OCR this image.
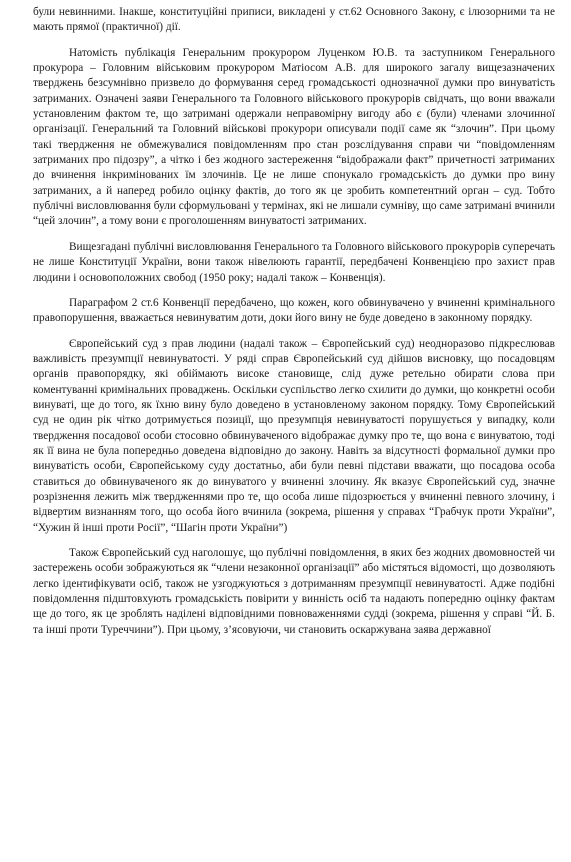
були невинними. Інакше, конституційні приписи, викладені у ст.62 Основного Закону, є ілюзорними та не мають прямої (практичної) дії.

Натомість публікація Генеральним прокурором Луценком Ю.В. та заступником Генерального прокурора – Головним військовим прокурором Матіосом А.В. для широкого загалу вищезазначених тверджень безсумнівно призвело до формування серед громадськості однозначної думки про винуватість затриманих. Означені заяви Генерального та Головного військового прокурорів свідчать, що вони вважали установленим фактом те, що затримані одержали неправомірну вигоду або є (були) членами злочинної організації. Генеральний та Головний військові прокурори описували події саме як “злочин”. При цьому такі твердження не обмежувалися повідомленням про стан розслідування справи чи “повідомленням затриманих про підозру”, а чітко і без жодного застереження “відображали факт” причетності затриманих до вчинення інкримінованих їм злочинів. Це не лише спонукало громадськість до думки про вину затриманих, а й наперед робило оцінку фактів, до того як це зробить компетентний орган – суд. Тобто публічні висловлювання були сформульовані у термінах, які не лишали сумніву, що саме затримані вчинили “цей злочин”, а тому вони є проголошенням винуватості затриманих.

Вищезгадані публічні висловлювання Генерального та Головного військового прокурорів суперечать не лише Конституції України, вони також нівелюють гарантії, передбачені Конвенцією про захист прав людини і основоположних свобод (1950 року; надалі також – Конвенція).

Параграфом 2 ст.6 Конвенції передбачено, що кожен, кого обвинувачено у вчиненні кримінального правопорушення, вважається невинуватим доти, доки його вину не буде доведено в законному порядку.

Європейський суд з прав людини (надалі також – Європейський суд) неодноразово підкреслював важливість презумпції невинуватості. У ряді справ Європейський суд дійшов висновку, що посадовцям органів правопорядку, які обіймають високе становище, слід дуже ретельно обирати слова при коментуванні кримінальних проваджень. Оскільки суспільство легко схилити до думки, що конкретні особи винуваті, ще до того, як їхню вину було доведено в установленому законом порядку. Тому Європейський суд не один рік чітко дотримується позиції, що презумпція невинуватості порушується у випадку, коли твердження посадової особи стосовно обвинуваченого відображає думку про те, що вона є винуватою, тоді як її вина не була попередньо доведена відповідно до закону. Навіть за відсутності формальної думки про винуватість особи, Європейському суду достатньо, аби були певні підстави вважати, що посадова особа ставиться до обвинуваченого як до винуватого у вчиненні злочину. Як вказує Європейський суд, значне розрізнення лежить між твердженнями про те, що особа лише підозрюється у вчиненні певного злочину, і відвертим визнанням того, що особа його вчинила (зокрема, рішення у справах “Грабчук проти України”, “Хужин й інші проти Росії”, “Шагін проти України”)

Також Європейський суд наголошує, що публічні повідомлення, в яких без жодних двомовностей чи застережень особи зображуються як “члени незаконної організації” або містяться відомості, що дозволяють легко ідентифікувати осіб, також не узгоджуються з дотриманням презумпції невинуватості. Адже подібні повідомлення підштовхують громадськість повірити у винність осіб та надають попередню оцінку фактам ще до того, як це зроблять наділені відповідними повноваженнями судді (зокрема, рішення у справі “Й. Б. та інші проти Туреччини”). При цьому, з’ясовуючи, чи становить оскаржувана заява державної
